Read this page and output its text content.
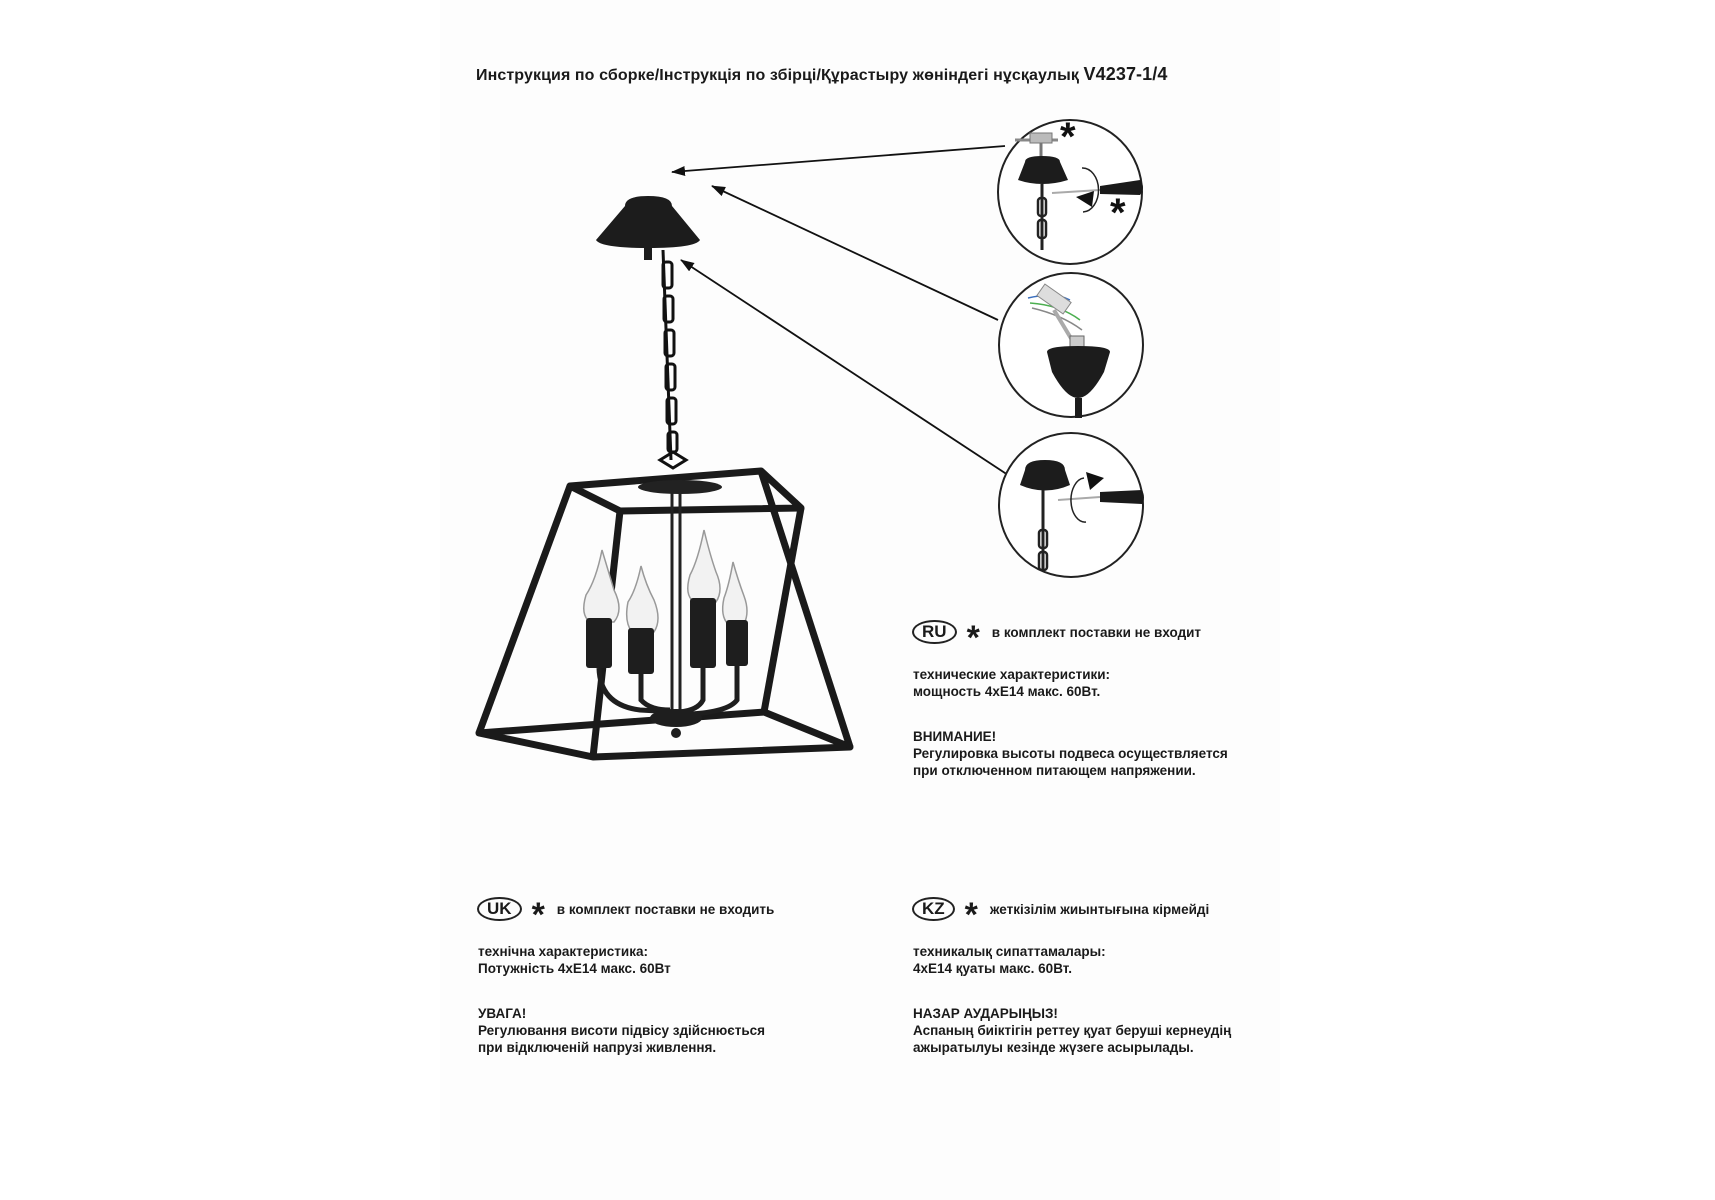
Инструкция по сборке/Інструкція по збірці/Құрастыру жөніндегі нұсқаулық V4237-1/4
*
*
RU * в комплект поставки не входит
технические характеристики:
мощность 4хЕ14 макс. 60Вт.
ВНИМАНИЕ!
Регулировка высоты подвеса осуществляется
при отключенном питающем напряжении.
UK * в комплект поставки не входить
технічна характеристика:
Потужність 4хЕ14 макс. 60Вт
УВАГА!
Регулювання висоти підвісу здійснюється
при відключеній напрузі живлення.
KZ * жеткізілім жиынтығына кірмейді
техникалық сипаттамалары:
4хЕ14 қуаты макс. 60Вт.
НАЗАР АУДАРЫҢЫЗ!
Аспаның биіктігін реттеу қуат беруші кернеудің
ажыратылуы кезінде жүзеге асырылады.
